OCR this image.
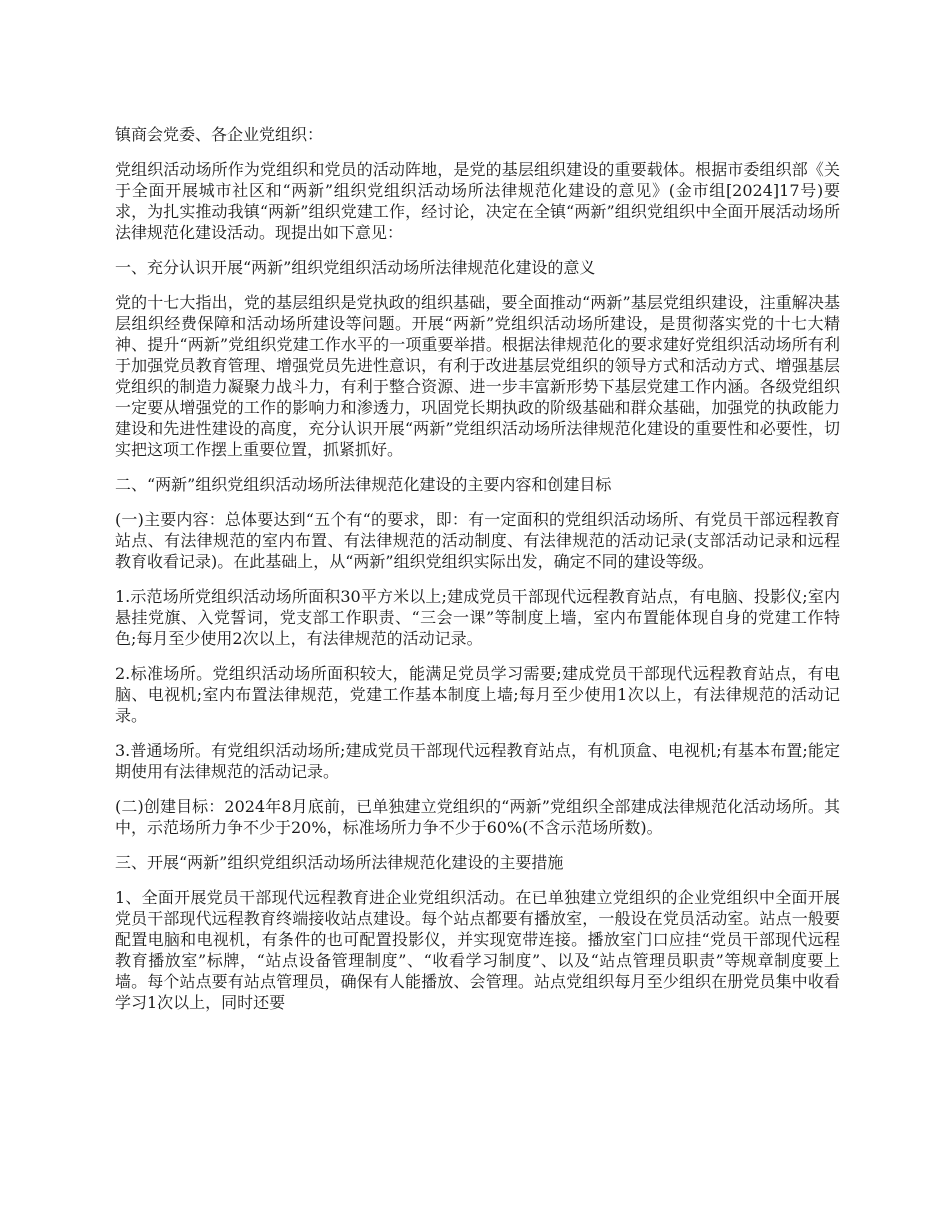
镇商会党委、各企业党组织：

党组织活动场所作为党组织和党员的活动阵地，是党的基层组织建设的重要载体。根据市委组织部《关于全面开展城市社区和“两新”组织党组织活动场所法律规范化建设的意见》(金市组[2024]17号)要求，为扎实推动我镇“两新”组织党建工作，经讨论，决定在全镇“两新”组织党组织中全面开展活动场所法律规范化建设活动。现提出如下意见：

一、充分认识开展“两新”组织党组织活动场所法律规范化建设的意义

党的十七大指出，党的基层组织是党执政的组织基础，要全面推动“两新”基层党组织建设，注重解决基层组织经费保障和活动场所建设等问题。开展“两新”党组织活动场所建设，是贯彻落实党的十七大精神、提升“两新”党组织党建工作水平的一项重要举措。根据法律规范化的要求建好党组织活动场所有利于加强党员教育管理、增强党员先进性意识，有利于改进基层党组织的领导方式和活动方式、增强基层党组织的制造力凝聚力战斗力，有利于整合资源、进一步丰富新形势下基层党建工作内涵。各级党组织一定要从增强党的工作的影响力和渗透力，巩固党长期执政的阶级基础和群众基础，加强党的执政能力建设和先进性建设的高度，充分认识开展“两新”党组织活动场所法律规范化建设的重要性和必要性，切实把这项工作摆上重要位置，抓紧抓好。

二、“两新”组织党组织活动场所法律规范化建设的主要内容和创建目标

(一)主要内容：总体要达到“五个有“的要求，即：有一定面积的党组织活动场所、有党员干部远程教育站点、有法律规范的室内布置、有法律规范的活动制度、有法律规范的活动记录(支部活动记录和远程教育收看记录)。在此基础上，从“两新”组织党组织实际出发，确定不同的建设等级。

1.示范场所党组织活动场所面积30平方米以上;建成党员干部现代远程教育站点，有电脑、投影仪;室内悬挂党旗、入党誓词，党支部工作职责、“三会一课”等制度上墙，室内布置能体现自身的党建工作特色;每月至少使用2次以上，有法律规范的活动记录。

2.标准场所。党组织活动场所面积较大，能满足党员学习需要;建成党员干部现代远程教育站点，有电脑、电视机;室内布置法律规范，党建工作基本制度上墙;每月至少使用1次以上，有法律规范的活动记录。

3.普通场所。有党组织活动场所;建成党员干部现代远程教育站点，有机顶盒、电视机;有基本布置;能定期使用有法律规范的活动记录。

(二)创建目标：2024年8月底前，已单独建立党组织的“两新”党组织全部建成法律规范化活动场所。其中，示范场所力争不少于20%，标准场所力争不少于60%(不含示范场所数)。

三、开展“两新”组织党组织活动场所法律规范化建设的主要措施

1、全面开展党员干部现代远程教育进企业党组织活动。在已单独建立党组织的企业党组织中全面开展党员干部现代远程教育终端接收站点建设。每个站点都要有播放室，一般设在党员活动室。站点一般要配置电脑和电视机，有条件的也可配置投影仪，并实现宽带连接。播放室门口应挂“党员干部现代远程教育播放室”标牌，“站点设备管理制度”、“收看学习制度”、以及“站点管理员职责”等规章制度要上墙。每个站点要有站点管理员，确保有人能播放、会管理。站点党组织每月至少组织在册党员集中收看学习1次以上，同时还要
